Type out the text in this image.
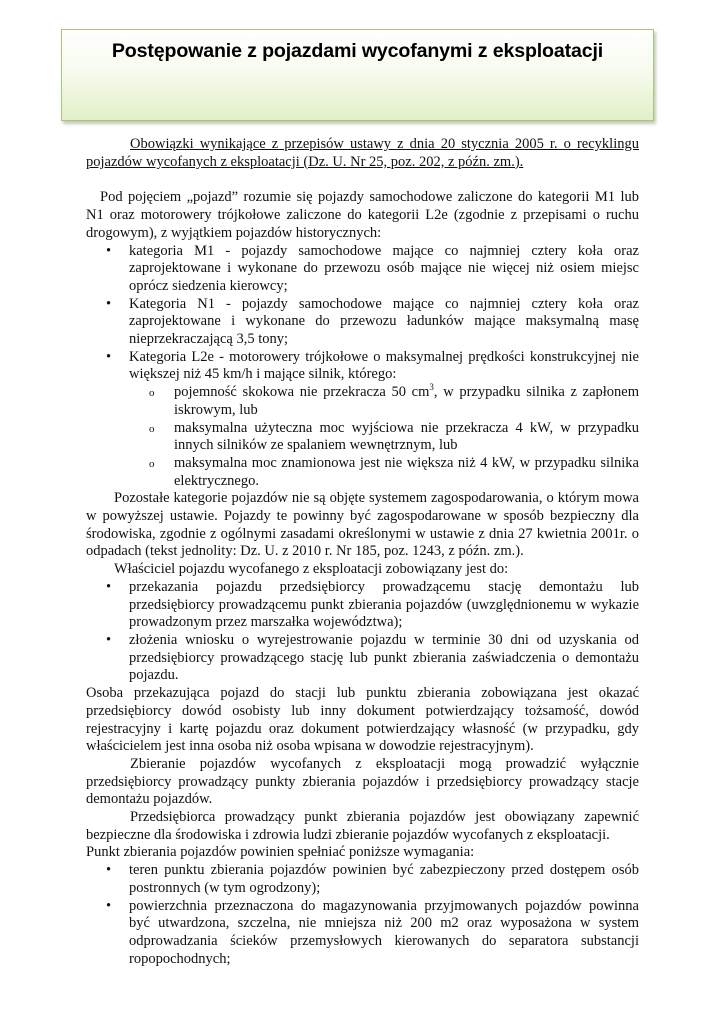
Postępowanie z pojazdami wycofanymi z eksploatacji

Obowiązki wynikające z przepisów ustawy z dnia 20 stycznia 2005 r. o recyklingu pojazdów wycofanych z eksploatacji (Dz. U. Nr 25, poz. 202, z późn. zm.).

Pod pojęciem „pojazd” rozumie się pojazdy samochodowe zaliczone do kategorii M1 lub N1 oraz motorowery trójkołowe zaliczone do kategorii L2e (zgodnie z przepisami o ruchu drogowym), z wyjątkiem pojazdów historycznych:

• kategoria M1 - pojazdy samochodowe mające co najmniej cztery koła oraz zaprojektowane i wykonane do przewozu osób mające nie więcej niż osiem miejsc oprócz siedzenia kierowcy;
• Kategoria N1 - pojazdy samochodowe mające co najmniej cztery koła oraz zaprojektowane i wykonane do przewozu ładunków mające maksymalną masę nieprzekraczającą 3,5 tony;
• Kategoria L2e - motorowery trójkołowe o maksymalnej prędkości konstrukcyjnej nie większej niż 45 km/h i mające silnik, którego:
o pojemność skokowa nie przekracza 50 $cm^3$, w przypadku silnika z zapłonem iskrowym, lub
o maksymalna użyteczna moc wyjściowa nie przekracza 4 kW, w przypadku innych silników ze spalaniem wewnętrznym, lub
o maksymalna moc znamionowa jest nie większa niż 4 kW, w przypadku silnika elektrycznego.

Pozostałe kategorie pojazdów nie są objęte systemem zagospodarowania, o którym mowa w powyższej ustawie. Pojazdy te powinny być zagospodarowane w sposób bezpieczny dla środowiska, zgodnie z ogólnymi zasadami określonymi w ustawie z dnia 27 kwietnia 2001r. o odpadach (tekst jednolity: Dz. U. z 2010 r. Nr 185, poz. 1243, z późn. zm.).

Właściciel pojazdu wycofanego z eksploatacji zobowiązany jest do:

• przekazania pojazdu przedsiębiorcy prowadzącemu stację demontażu lub przedsiębiorcy prowadzącemu punkt zbierania pojazdów (uwzględnionemu w wykazie prowadzonym przez marszałka województwa);
• złożenia wniosku o wyrejestrowanie pojazdu w terminie 30 dni od uzyskania od przedsiębiorcy prowadzącego stację lub punkt zbierania zaświadczenia o demontażu pojazdu.

Osoba przekazująca pojazd do stacji lub punktu zbierania zobowiązana jest okazać przedsiębiorcy dowód osobisty lub inny dokument potwierdzający tożsamość, dowód rejestracyjny i kartę pojazdu oraz dokument potwierdzający własność (w przypadku, gdy właścicielem jest inna osoba niż osoba wpisana w dowodzie rejestracyjnym).

Zbieranie pojazdów wycofanych z eksploatacji mogą prowadzić wyłącznie przedsiębiorcy prowadzący punkty zbierania pojazdów i przedsiębiorcy prowadzący stacje demontażu pojazdów.

Przedsiębiorca prowadzący punkt zbierania pojazdów jest obowiązany zapewnić bezpieczne dla środowiska i zdrowia ludzi zbieranie pojazdów wycofanych z eksploatacji.

Punkt zbierania pojazdów powinien spełniać poniższe wymagania:

• teren punktu zbierania pojazdów powinien być zabezpieczony przed dostępem osób postronnych (w tym ogrodzony);
• powierzchnia przeznaczona do magazynowania przyjmowanych pojazdów powinna być utwardzona, szczelna, nie mniejsza niż 200 m2 oraz wyposażona w system odprowadzania ścieków przemysłowych kierowanych do separatora substancji ropopochodnych;
